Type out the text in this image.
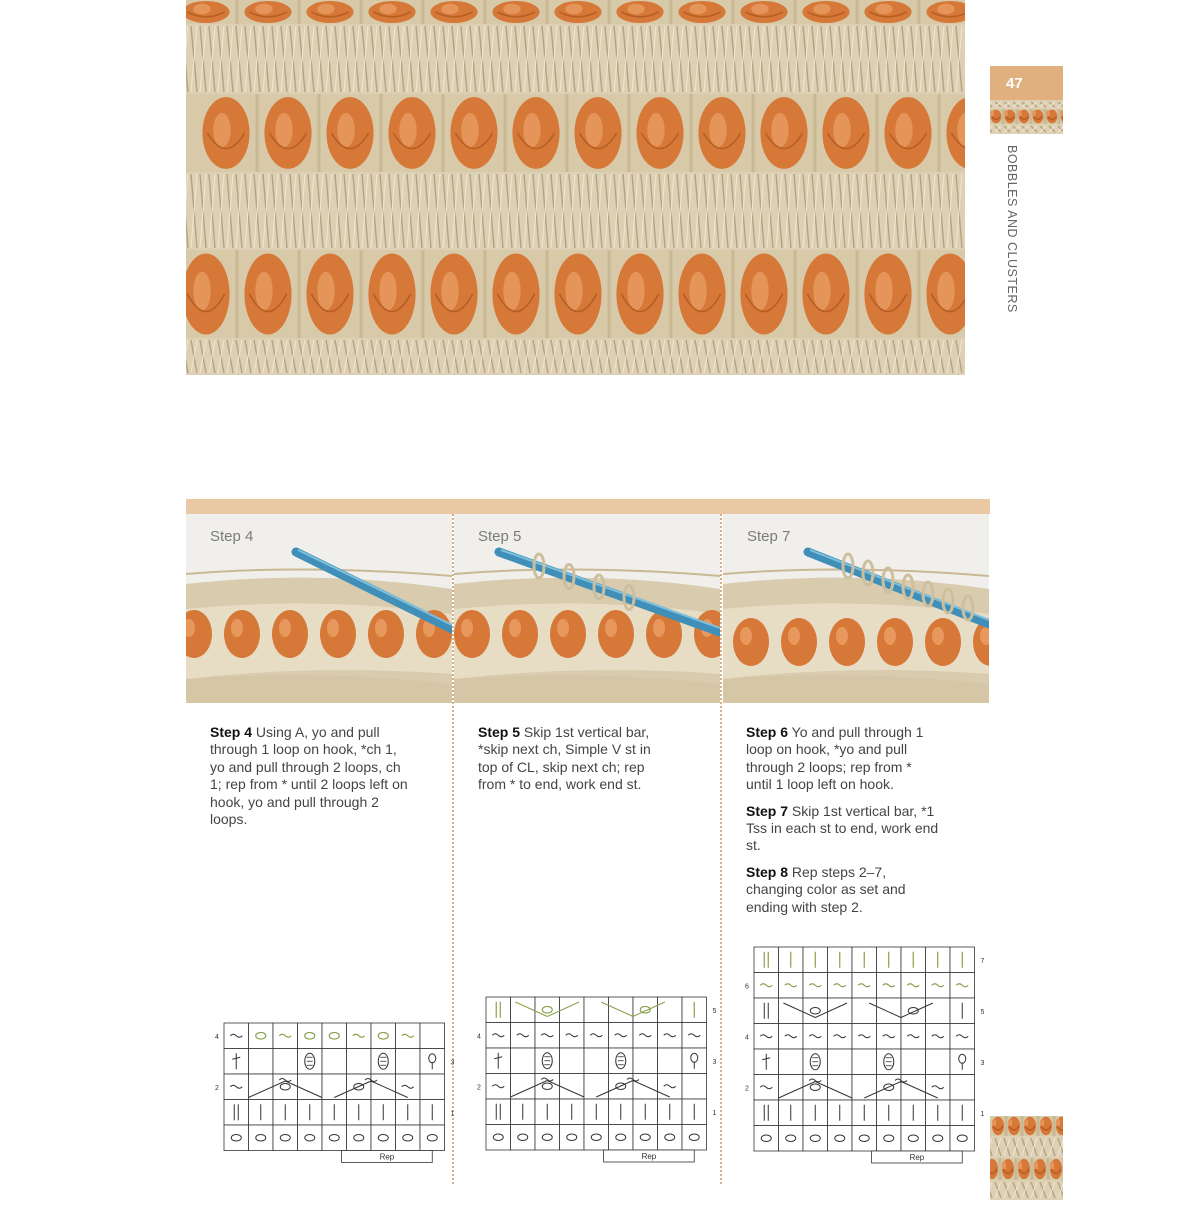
47
BOBBLES AND CLUSTERS
Step 4	Step 5	Step 7

Step 4 Using A, yo and pull through 1 loop on hook, *ch 1, yo and pull through 2 loops, ch 1; rep from * until 2 loops left on hook, yo and pull through 2 loops.

Step 5 Skip 1st vertical bar, *skip next ch, Simple V st in top of CL, skip next ch; rep from * to end, work end st.

Step 6 Yo and pull through 1 loop on hook, *yo and pull through 2 loops; rep from * until 1 loop left on hook.

Step 7 Skip 1st vertical bar, *1 Tss in each st to end, work end st.

Step 8 Rep steps 2–7, changing color as set and ending with step 2.

4
3
2
1
Rep
5
4
3
2
1
Rep
7
6
5
4
3
2
1
Rep
